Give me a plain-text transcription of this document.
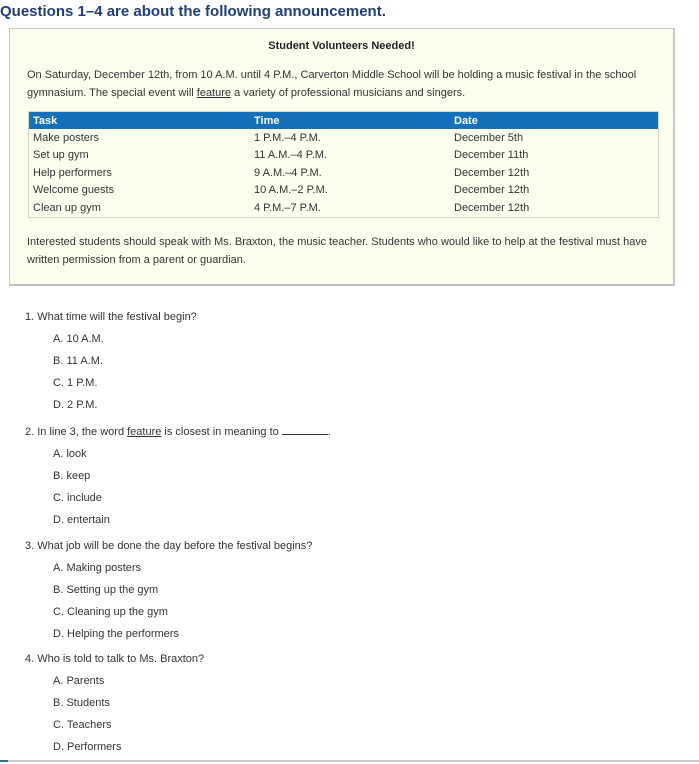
Questions 1–4 are about the following announcement.
Student Volunteers Needed!

On Saturday, December 12th, from 10 A.M. until 4 P.M., Carverton Middle School will be holding a music festival in the school gymnasium. The special event will feature a variety of professional musicians and singers.

Task	Time	Date
Make posters	1 P.M.–4 P.M.	December 5th
Set up gym	11 A.M.–4 P.M.	December 11th
Help performers	9 A.M.–4 P.M.	December 12th
Welcome guests	10 A.M.–2 P.M.	December 12th
Clean up gym	4 P.M.–7 P.M.	December 12th

Interested students should speak with Ms. Braxton, the music teacher. Students who would like to help at the festival must have written permission from a parent or guardian.

1. What time will the festival begin?
A. 10 A.M.
B. 11 A.M.
C. 1 P.M.
D. 2 P.M.
2. In line 3, the word feature is closest in meaning to	.
A. look
B. keep
C. include
D. entertain
3. What job will be done the day before the festival begins?
A. Making posters
B. Setting up the gym
C. Cleaning up the gym
D. Helping the performers
4. Who is told to talk to Ms. Braxton?
A. Parents
B. Students
C. Teachers
D. Performers
